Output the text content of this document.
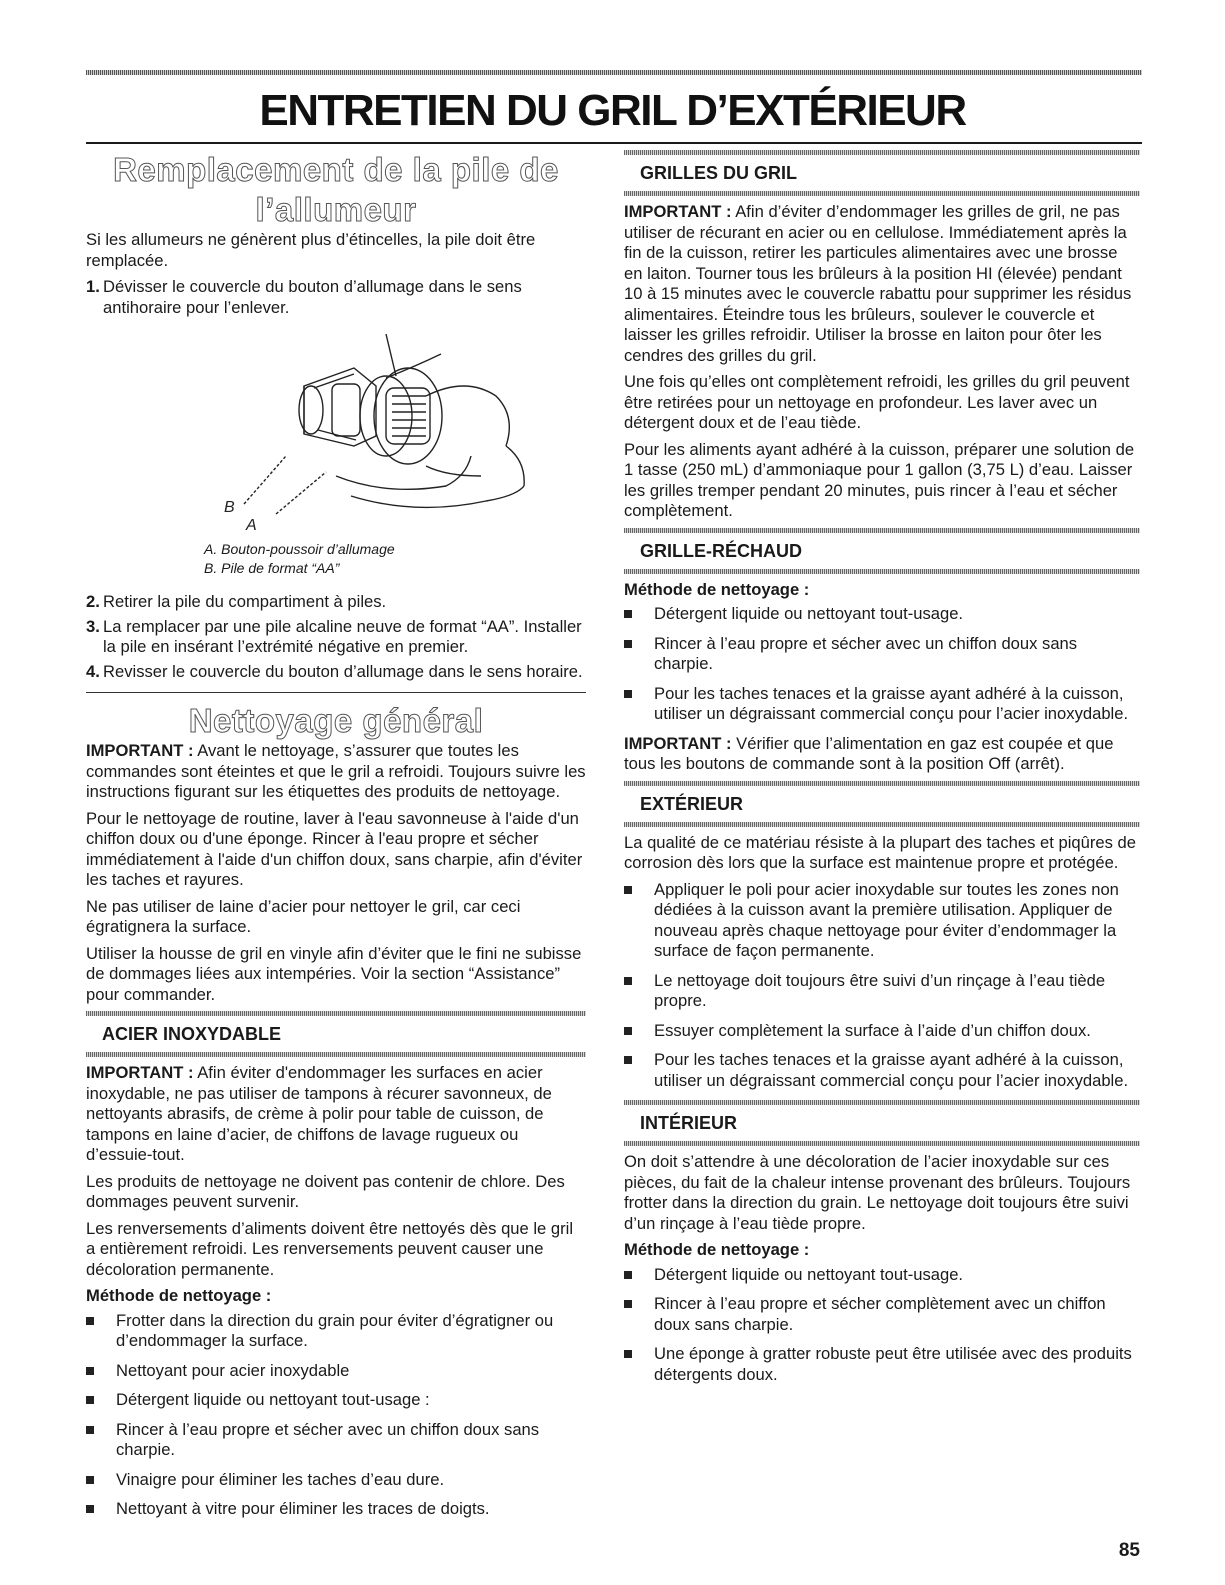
ENTRETIEN DU GRIL D’EXTÉRIEUR
Remplacement de la pile de l’allumeur

Si les allumeurs ne génèrent plus d’étincelles, la pile doit être remplacée.

1. Dévisser le couvercle du bouton d’allumage dans le sens antihoraire pour l’enlever.
B
A
A. Bouton-poussoir d’allumage
B. Pile de format “AA”
2. Retirer la pile du compartiment à piles.
3. La remplacer par une pile alcaline neuve de format “AA”. Installer la pile en insérant l’extrémité négative en premier.
4. Revisser le couvercle du bouton d’allumage dans le sens horaire.
Nettoyage général

IMPORTANT : Avant le nettoyage, s’assurer que toutes les commandes sont éteintes et que le gril a refroidi. Toujours suivre les instructions figurant sur les étiquettes des produits de nettoyage.

Pour le nettoyage de routine, laver à l'eau savonneuse à l'aide d'un chiffon doux ou d'une éponge. Rincer à l'eau propre et sécher immédiatement à l'aide d'un chiffon doux, sans charpie, afin d'éviter les taches et rayures.

Ne pas utiliser de laine d’acier pour nettoyer le gril, car ceci égratignera la surface.

Utiliser la housse de gril en vinyle afin d’éviter que le fini ne subisse de dommages liées aux intempéries. Voir la section “Assistance” pour commander.

ACIER INOXYDABLE

IMPORTANT : Afin éviter d'endommager les surfaces en acier inoxydable, ne pas utiliser de tampons à récurer savonneux, de nettoyants abrasifs, de crème à polir pour table de cuisson, de tampons en laine d’acier, de chiffons de lavage rugueux ou d’essuie-tout.

Les produits de nettoyage ne doivent pas contenir de chlore. Des dommages peuvent survenir.

Les renversements d’aliments doivent être nettoyés dès que le gril a entièrement refroidi. Les renversements peuvent causer une décoloration permanente.

Méthode de nettoyage :

Frotter dans la direction du grain pour éviter d’égratigner ou d’endommager la surface.
Nettoyant pour acier inoxydable
Détergent liquide ou nettoyant tout-usage :
Rincer à l’eau propre et sécher avec un chiffon doux sans charpie.
Vinaigre pour éliminer les taches d’eau dure.
Nettoyant à vitre pour éliminer les traces de doigts.
GRILLES DU GRIL

IMPORTANT : Afin d’éviter d’endommager les grilles de gril, ne pas utiliser de récurant en acier ou en cellulose. Immédiatement après la fin de la cuisson, retirer les particules alimentaires avec une brosse en laiton. Tourner tous les brûleurs à la position HI (élevée) pendant 10 à 15 minutes avec le couvercle rabattu pour supprimer les résidus alimentaires. Éteindre tous les brûleurs, soulever le couvercle et laisser les grilles refroidir. Utiliser la brosse en laiton pour ôter les cendres des grilles du gril.

Une fois qu’elles ont complètement refroidi, les grilles du gril peuvent être retirées pour un nettoyage en profondeur. Les laver avec un détergent doux et de l’eau tiède.

Pour les aliments ayant adhéré à la cuisson, préparer une solution de 1 tasse (250 mL) d’ammoniaque pour 1 gallon (3,75 L) d’eau. Laisser les grilles tremper pendant 20 minutes, puis rincer à l’eau et sécher complètement.

GRILLE-RÉCHAUD

Méthode de nettoyage :

Détergent liquide ou nettoyant tout-usage.
Rincer à l’eau propre et sécher avec un chiffon doux sans charpie.
Pour les taches tenaces et la graisse ayant adhéré à la cuisson, utiliser un dégraissant commercial conçu pour l’acier inoxydable.

IMPORTANT : Vérifier que l’alimentation en gaz est coupée et que tous les boutons de commande sont à la position Off (arrêt).

EXTÉRIEUR

La qualité de ce matériau résiste à la plupart des taches et piqûres de corrosion dès lors que la surface est maintenue propre et protégée.

Appliquer le poli pour acier inoxydable sur toutes les zones non dédiées à la cuisson avant la première utilisation. Appliquer de nouveau après chaque nettoyage pour éviter d’endommager la surface de façon permanente.
Le nettoyage doit toujours être suivi d’un rinçage à l’eau tiède propre.
Essuyer complètement la surface à l’aide d’un chiffon doux.
Pour les taches tenaces et la graisse ayant adhéré à la cuisson, utiliser un dégraissant commercial conçu pour l’acier inoxydable.
INTÉRIEUR

On doit s’attendre à une décoloration de l’acier inoxydable sur ces pièces, du fait de la chaleur intense provenant des brûleurs. Toujours frotter dans la direction du grain. Le nettoyage doit toujours être suivi d’un rinçage à l’eau tiède propre.

Méthode de nettoyage :

Détergent liquide ou nettoyant tout-usage.
Rincer à l’eau propre et sécher complètement avec un chiffon doux sans charpie.
Une éponge à gratter robuste peut être utilisée avec des produits détergents doux.
85
